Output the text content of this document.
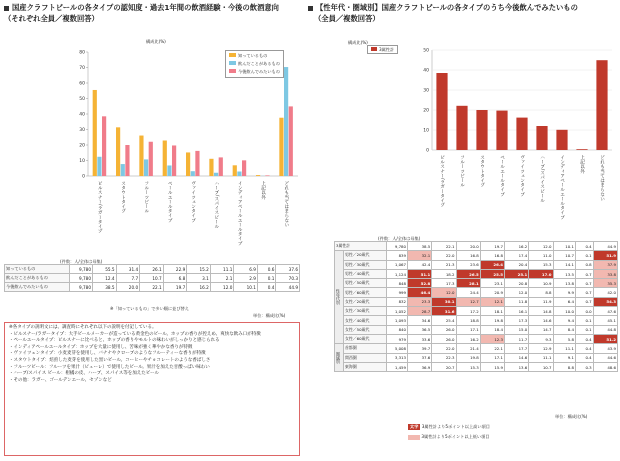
国産クラフトビールの各タイプの認知度・過去1年間の飲酒経験・今後の飲酒意向
（それぞれ全員／複数回答）
構成比(%)
0
10
20
30
40
50
60
70
80
ピルスナー/ラガータイプ	スタウトタイプ	フルーツビール	ペールエールタイプ	ヴァイツェンタイプ	ハーブ/スパイスビール	インディアペールエールタイプ	上記以外	どれも当てはまらない
知っているもの
飲んだことがあるもの
今後飲んでみたいもの
(件数：人/全体は母集)
知っているもの	9,780	55.5	31.4	26.1	22.9	15.2	11.1	6.9	0.6	37.6
飲んだことがあるもの	9,780	12.4	7.7	10.7	6.8	3.1	2.1	2.9	0.1	70.3
今後飲んでみたいもの	9,780	38.5	20.0	22.1	19.7	16.2	12.0	10.1	0.4	44.9
※「知っているもの」で多い順に並び替え
単位：構成比(%)
※各タイプの説明文には、調査時にそれぞれ以下の説明を付記している。
・ピルスナー/ラガータイプ：大手ビールメーカーが造っている黄金色のビール。ホップの香りが控えめ、爽快な飲み口が特徴
・ペールエールタイプ：ピルスナーに比べると、ホップの香りやモルトの味わいがしっかりと感じられる
・インディアペールエールタイプ：ホップを大量に使用し、苦味が強く華やかな香りが特徴
・ヴァイツェンタイプ：小麦麦芽を使用し、バナナやクローブのようなフルーティーな香りが特徴
・スタウトタイプ：焙煎した麦芽を使用した黒いビール。コーヒーやチョコレートのような香ばしさ
・フルーツビール：フルーツを果汁（ピューレ）で使用したビール。果汁を加えた甘酸っぱい味わい
・ハーブ/スパイス ビール：柑橘の皮、ハーブ、スパイス等を加えたビール
・その他：ラガー、ゴールデンエール、セゾンなど
【性年代・圏域別】国産クラフトビールの各タイプのうち今後飲んでみたいもの
（全員／複数回答）
構成比(%)
0
10
20
30
40
50
ピルスナー/ラガータイプ	フルーツビール	スタウトタイプ	ペールエールタイプ	ヴァイツェンタイプ	ハーブ/スパイスビール	インディアペールエールタイプ	上記以外	どれも当てはまらない
3属性計
(件数：人/全体は母集)
3属性計		9,780	38.5	22.1	20.0	19.7	16.2	12.0	10.1	0.4	44.9
性年代別	男性／20歳代	839	32.1	22.0	16.8	16.8	17.4	11.0	10.7	0.1	51.9
	男性／30歳代	1,067	42.4	21.3	23.6	26.4	20.4	15.3	14.1	0.8	37.9
	男性／40歳代	1,124	51.1	18.2	26.5	25.5	25.1	17.0	13.5	0.7	33.8
	男性／50歳代	848	52.8	17.3	28.1	23.1	20.8	10.9	13.8	0.7	35.3
	男性／60歳代	999	46.4	12.0	24.4	20.9	12.0	8.8	9.9	0.7	42.0
	女性／20歳代	832	23.3	30.1	12.7	12.1	11.8	11.9	6.4	0.7	54.3
	女性／30歳代	1,052	28.7	31.6	17.2	18.1	16.1	14.8	10.0	0.0	47.6
	女性／40歳代	1,093	34.6	25.4	18.8	19.8	17.3	14.6	9.4	0.1	45.1
	女性／50歳代	840	36.5	26.0	17.1	18.4	15.0	14.7	8.4	0.1	44.8
	女性／60歳代	979	33.6	26.0	16.2	12.3	11.7	9.3	5.8	0.4	51.2
圏域別	首都圏	5,008	39.7	22.0	21.4	22.1	17.7	12.9	11.1	0.4	43.9
	関西圏	3,313	37.6	22.3	19.8	17.1	14.6	11.1	9.1	0.4	44.6
	東海圏	1,459	36.9	20.7	15.3	15.9	13.6	10.7	8.8	0.3	48.6
単位：構成比(%)
太字 3属性計より5ポイント以上高い項目
3属性計より5ポイント以上低い項目
